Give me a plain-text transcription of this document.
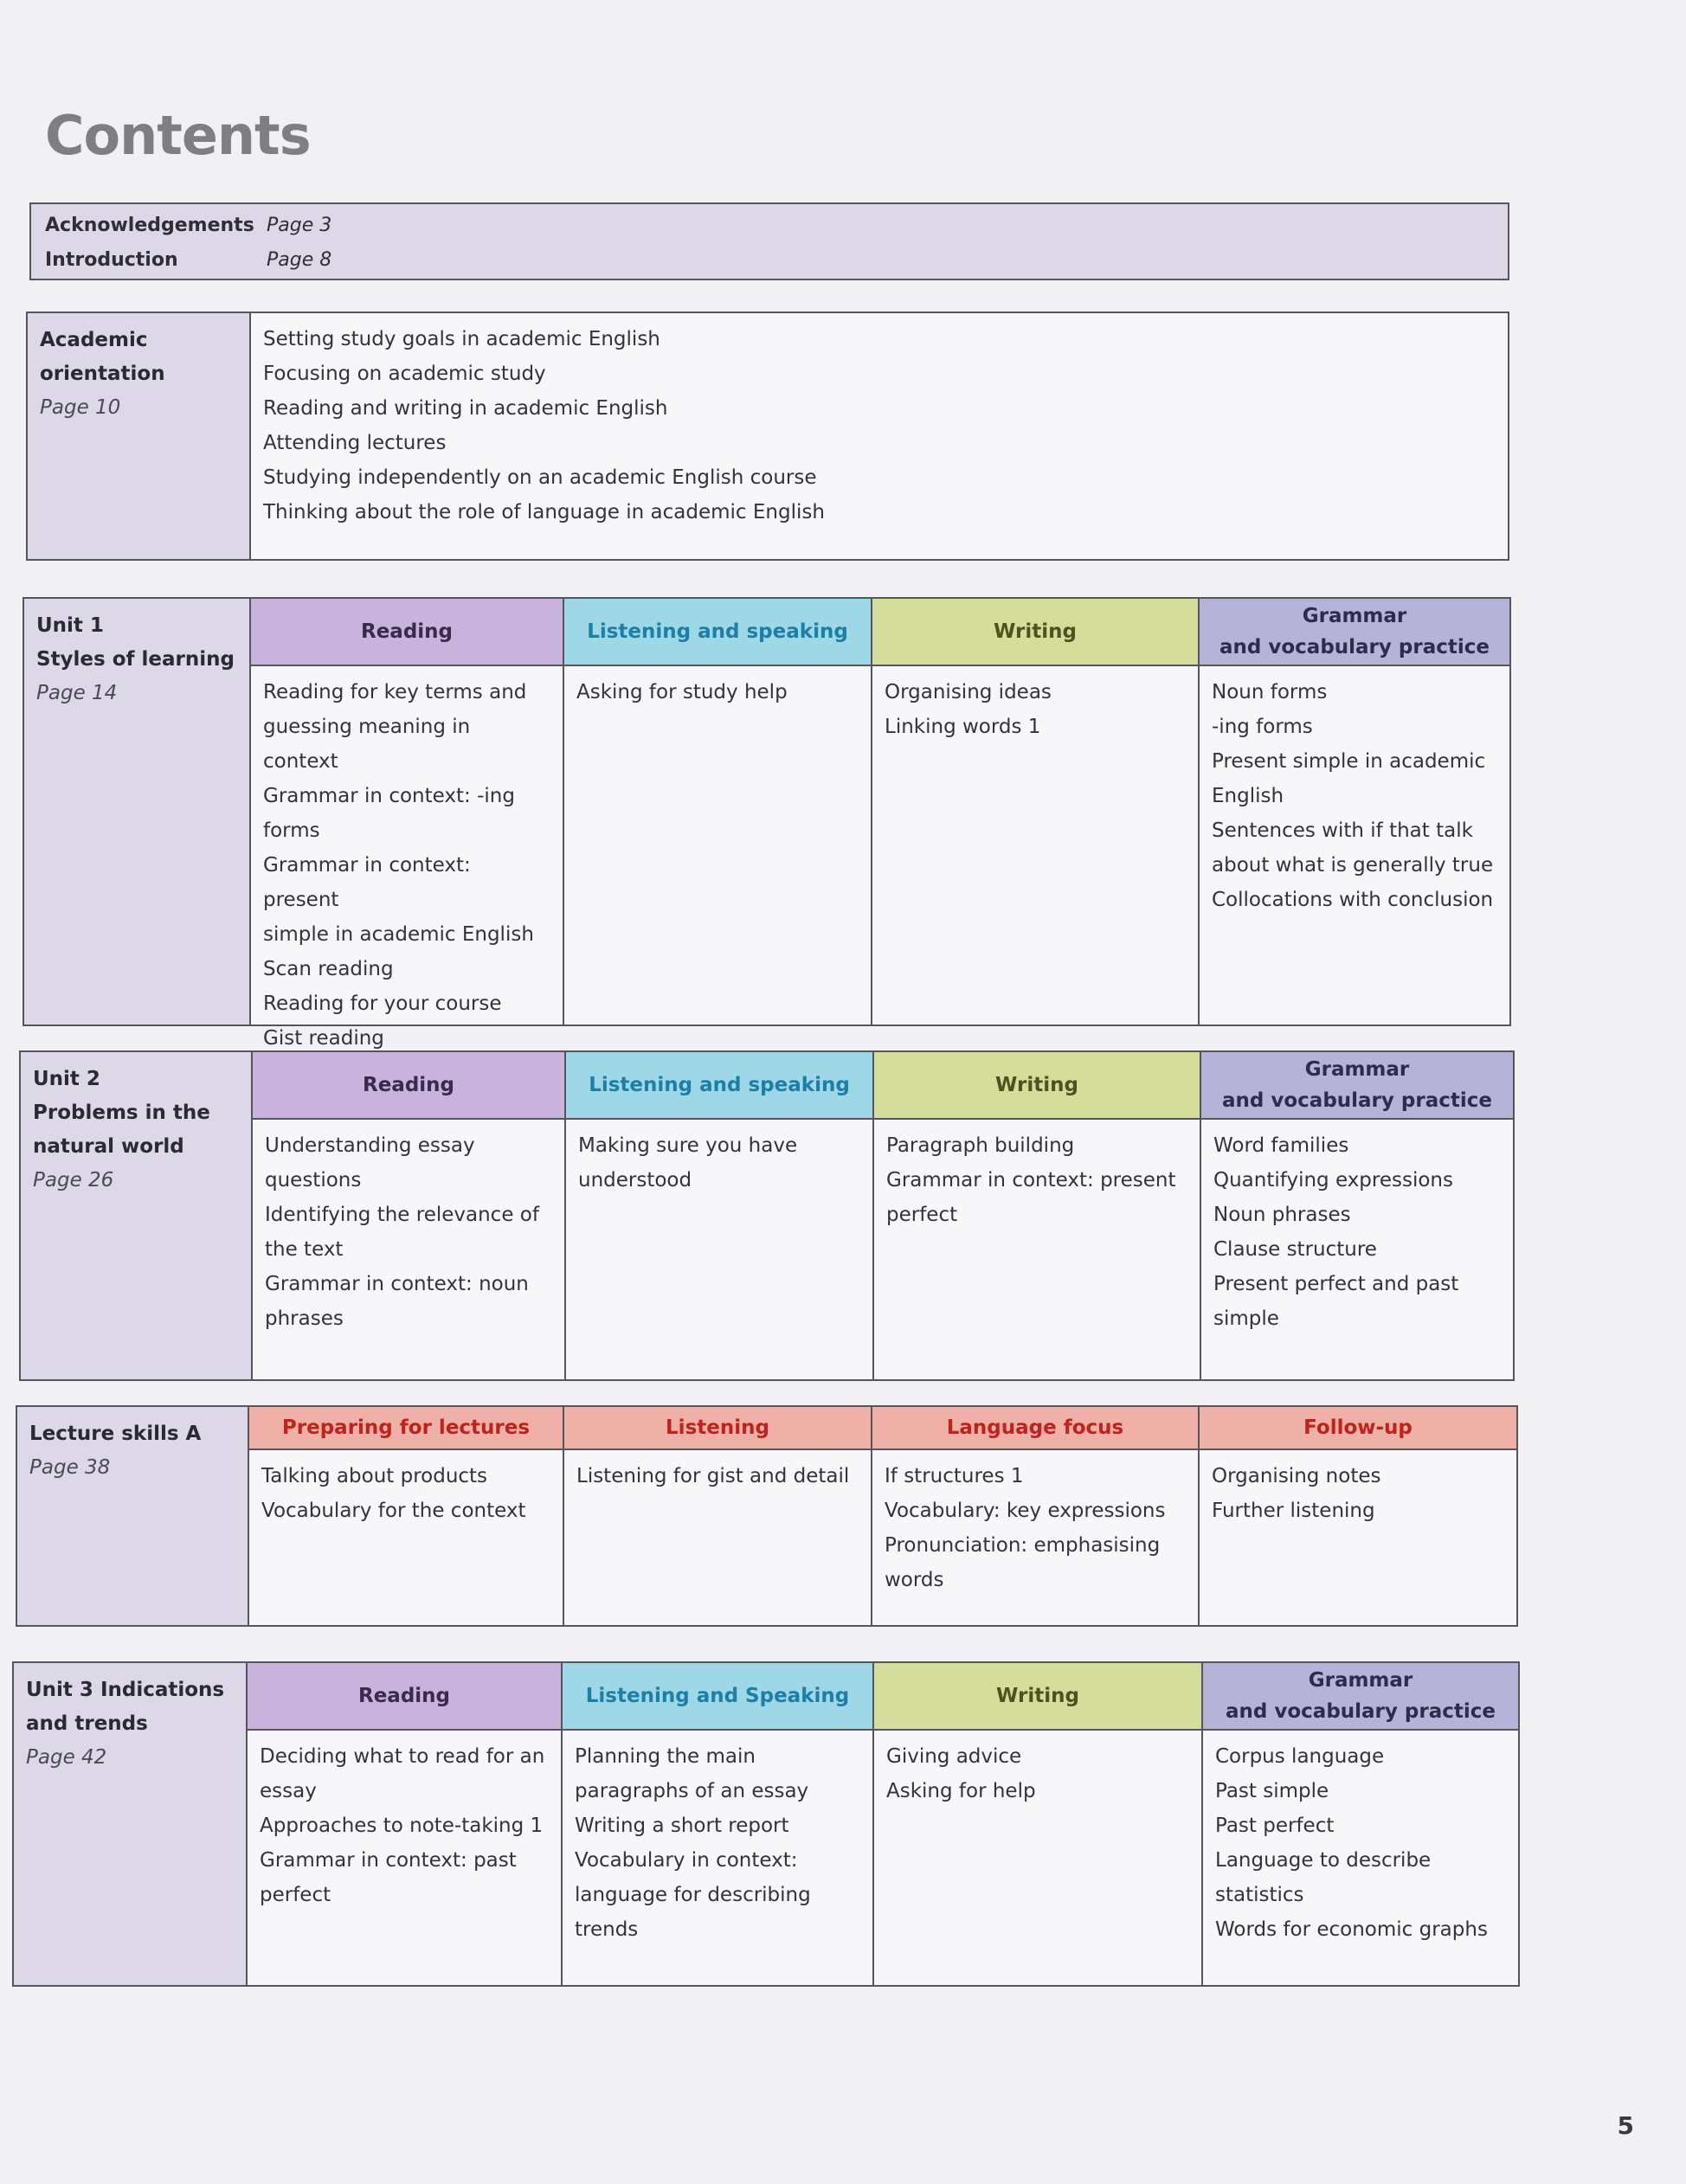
Contents
Acknowledgements Page 3
Introduction	Page 8
Academic
orientation
Page 10
Setting study goals in academic English
Focusing on academic study
Reading and writing in academic English
Attending lectures
Studying independently on an academic English course
Thinking about the role of language in academic English
Unit 1
Styles of learning
Page 14
Reading
Reading for key terms and
guessing meaning in context
Grammar in context: -ing
forms
Grammar in context: present
simple in academic English
Scan reading
Reading for your course
Gist reading
Listening and speaking
Asking for study help
Writing
Organising ideas
Linking words 1
Grammar
and vocabulary practice
Noun forms
-ing forms
Present simple in academic
English
Sentences with if that talk
about what is generally true
Collocations with conclusion
Unit 2
Problems in the
natural world
Page 26
Reading
Understanding essay
questions
Identifying the relevance of
the text
Grammar in context: noun
phrases
Listening and speaking
Making sure you have
understood
Writing
Paragraph building
Grammar in context: present
perfect
Grammar
and vocabulary practice
Word families
Quantifying expressions
Noun phrases
Clause structure
Present perfect and past
simple
Lecture skills A
Page 38
Preparing for lectures
Talking about products
Vocabulary for the context
Listening
Listening for gist and detail
Language focus
If structures 1
Vocabulary: key expressions
Pronunciation: emphasising
words
Follow-up
Organising notes
Further listening
Unit 3 Indications
and trends
Page 42
Reading
Deciding what to read for an
essay
Approaches to note-taking 1
Grammar in context: past
perfect
Listening and Speaking
Planning the main
paragraphs of an essay
Writing a short report
Vocabulary in context:
language for describing
trends
Writing
Giving advice
Asking for help
Grammar
and vocabulary practice
Corpus language
Past simple
Past perfect
Language to describe
statistics
Words for economic graphs
5
